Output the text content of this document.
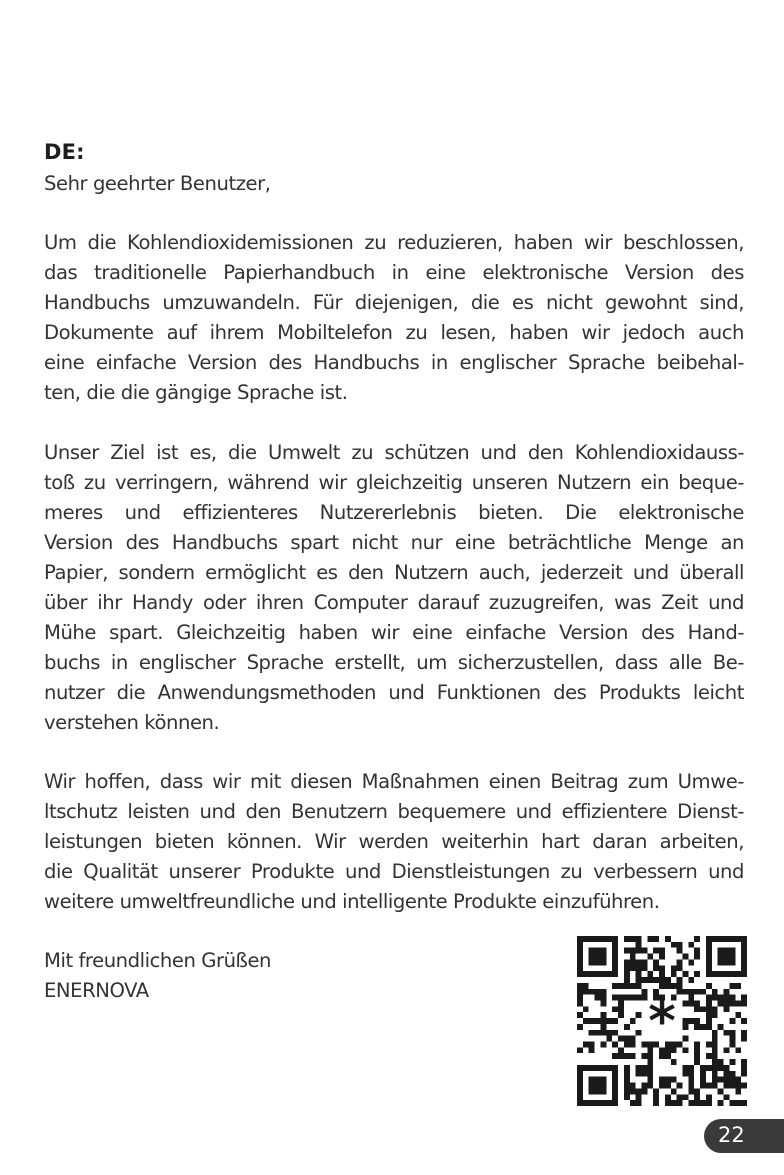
DE:
Sehr geehrter Benutzer,
Um die Kohlendioxidemissionen zu reduzieren, haben wir beschlossen,
das traditionelle Papierhandbuch in eine elektronische Version des
Handbuchs umzuwandeln. Für diejenigen, die es nicht gewohnt sind,
Dokumente auf ihrem Mobiltelefon zu lesen, haben wir jedoch auch
eine einfache Version des Handbuchs in englischer Sprache beibehal-
ten, die die gängige Sprache ist.
Unser Ziel ist es, die Umwelt zu schützen und den Kohlendioxidauss-
toß zu verringern, während wir gleichzeitig unseren Nutzern ein beque-
meres und effizienteres Nutzererlebnis bieten. Die elektronische
Version des Handbuchs spart nicht nur eine beträchtliche Menge an
Papier, sondern ermöglicht es den Nutzern auch, jederzeit und überall
über ihr Handy oder ihren Computer darauf zuzugreifen, was Zeit und
Mühe spart. Gleichzeitig haben wir eine einfache Version des Hand-
buchs in englischer Sprache erstellt, um sicherzustellen, dass alle Be-
nutzer die Anwendungsmethoden und Funktionen des Produkts leicht
verstehen können.
Wir hoffen, dass wir mit diesen Maßnahmen einen Beitrag zum Umwe-
ltschutz leisten und den Benutzern bequemere und effizientere Dienst-
leistungen bieten können. Wir werden weiterhin hart daran arbeiten,
die Qualität unserer Produkte und Dienstleistungen zu verbessern und
weitere umweltfreundliche und intelligente Produkte einzuführen.
Mit freundlichen Grüßen
ENERNOVA
*
22
